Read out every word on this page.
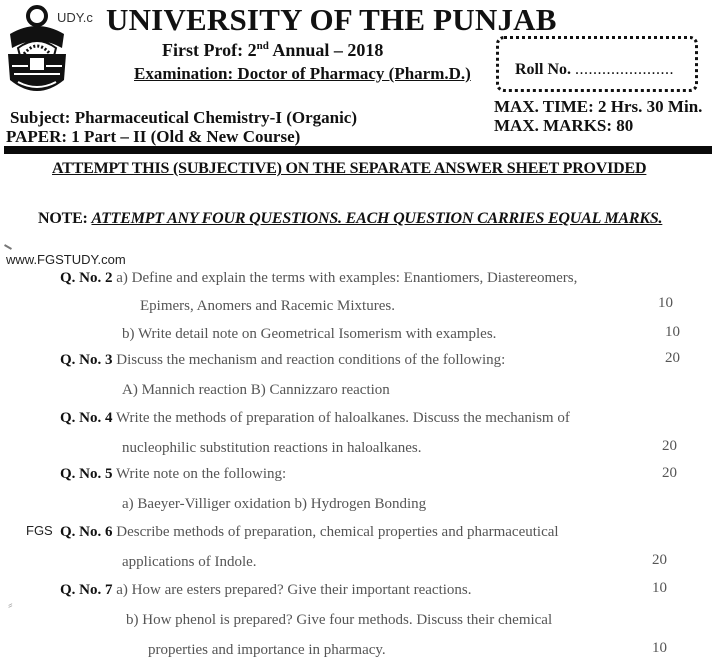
UDY.c UNIVERSITY OF THE PUNJAB
First Prof: 2nd Annual – 2018
Examination: Doctor of Pharmacy (Pharm.D.)
Subject: Pharmaceutical Chemistry-I (Organic)
PAPER: 1 Part – II (Old & New Course)
Roll No. ......................
MAX. TIME: 2 Hrs. 30 Min.
MAX. MARKS: 80
ATTEMPT THIS (SUBJECTIVE) ON THE SEPARATE ANSWER SHEET PROVIDED
NOTE: ATTEMPT ANY FOUR QUESTIONS. EACH QUESTION CARRIES EQUAL MARKS.
www.FGSTUDY.com
Q. No. 2 a) Define and explain the terms with examples: Enantiomers, Diastereomers,
Epimers, Anomers and Racemic Mixtures.	10
b) Write detail note on Geometrical Isomerism with examples.	10
Q. No. 3 Discuss the mechanism and reaction conditions of the following:	20
A) Mannich reaction B) Cannizzaro reaction
Q. No. 4 Write the methods of preparation of haloalkanes. Discuss the mechanism of
nucleophilic substitution reactions in haloalkanes.	20
Q. No. 5 Write note on the following:	20
a) Baeyer-Villiger oxidation b) Hydrogen Bonding
FGS Q. No. 6 Describe methods of preparation, chemical properties and pharmaceutical
applications of Indole.	20
Q. No. 7 a) How are esters prepared? Give their important reactions.	10
⸗
b) How phenol is prepared? Give four methods. Discuss their chemical
properties and importance in pharmacy.	10
